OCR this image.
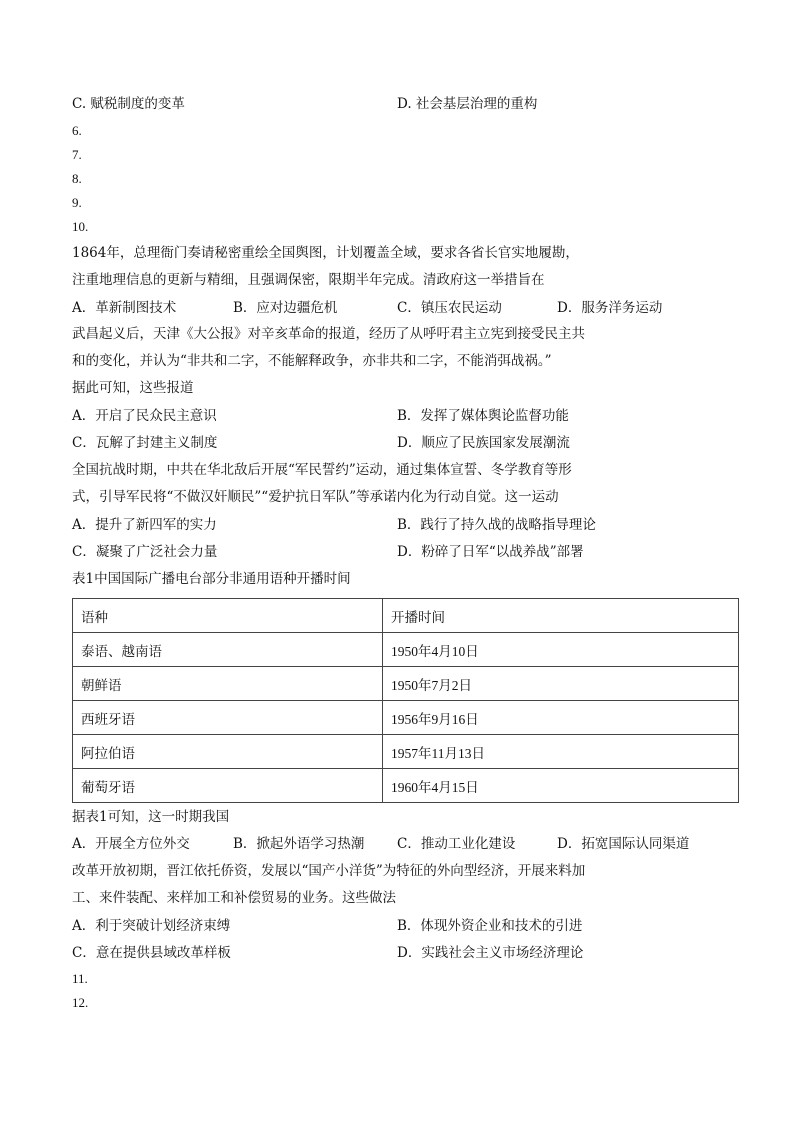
C. 赋税制度的变革	D. 社会基层治理的重构
6.
7.
8.
9.
10.
1864年，总理衙门奏请秘密重绘全国舆图，计划覆盖全域，要求各省长官实地履勘，
注重地理信息的更新与精细，且强调保密，限期半年完成。清政府这一举措旨在
A．革新制图技术	B．应对边疆危机	C．镇压农民运动	D．服务洋务运动
武昌起义后，天津《大公报》对辛亥革命的报道，经历了从呼吁君主立宪到接受民主共
和的变化，并认为“非共和二字，不能解释政争，亦非共和二字，不能消弭战祸。”
据此可知，这些报道
A．开启了民众民主意识	B．发挥了媒体舆论监督功能
C．瓦解了封建主义制度	D．顺应了民族国家发展潮流
全国抗战时期，中共在华北敌后开展“军民誓约”运动，通过集体宣誓、冬学教育等形
式，引导军民将“不做汉奸顺民”“爱护抗日军队”等承诺内化为行动自觉。这一运动
A．提升了新四军的实力	B．践行了持久战的战略指导理论
C．凝聚了广泛社会力量	D．粉碎了日军“以战养战”部署
表1中国国际广播电台部分非通用语种开播时间
语种	开播时间
泰语、越南语	1950年4月10日
朝鲜语	1950年7月2日
西班牙语	1956年9月16日
阿拉伯语	1957年11月13日
葡萄牙语	1960年4月15日
据表1可知，这一时期我国
A．开展全方位外交	B．掀起外语学习热潮 C．推动工业化建设	D．拓宽国际认同渠道
改革开放初期，晋江依托侨资，发展以“国产小洋货”为特征的外向型经济，开展来料加
工、来件装配、来样加工和补偿贸易的业务。这些做法
A．利于突破计划经济束缚	B．体现外资企业和技术的引进
C．意在提供县域改革样板	D．实践社会主义市场经济理论
11.
12.
